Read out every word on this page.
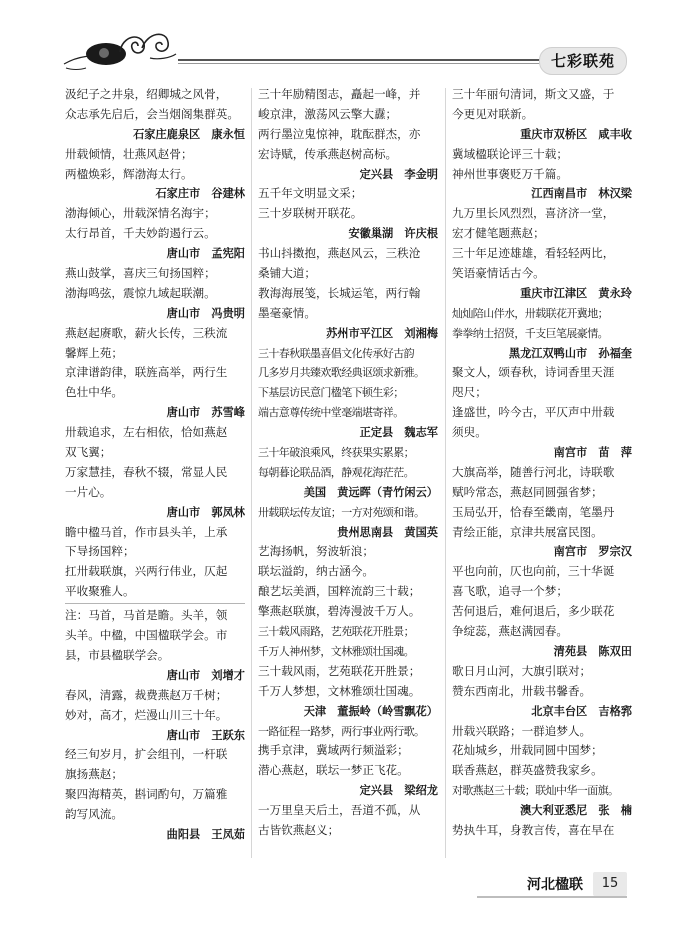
七彩联苑
汲纪子之井泉，绍卿城之风骨，
众志承先启后，会当烟阁集群英。
石家庄鹿泉区　康永恒
卅载倾情，壮燕风赵骨；
两楹焕彩，辉渤海太行。
石家庄市　谷建林
渤海倾心，卅载深情名海宇；
太行昂首，千夫妙韵遏行云。
唐山市　孟宪阳
燕山鼓掌，喜庆三旬扬国粹；
渤海鸣弦，震惊九域起联潮。
唐山市　冯贵明
燕赵起赓歌，薪火长传，三秩流
馨辉上苑；
京津谱韵律，联旌高举，两行生
色壮中华。
唐山市　苏雪峰
卅载追求，左右相依，恰如燕赵
双飞翼；
万家慧挂，春秋不辍，常显人民
一片心。
唐山市　郭凤林
瞻中楹马首，作市县头羊，上承
下导扬国粹；
扛卅载联旗，兴两行伟业，仄起
平收聚雅人。
注：马首，马首是瞻。头羊，领
头羊。中楹，中国楹联学会。市
县，市县楹联学会。
唐山市　刘增才
春风，清露，裁费燕赵万千树；
妙对，高才，烂漫山川三十年。
唐山市　王跃东
经三旬岁月，扩会组刊，一杆联
旗扬燕赵；
聚四海精英，斟词酌句，万篇雅
韵写风流。
曲阳县　王凤茹
三十年励精图志，矗起一峰，并
峻京津，激荡风云擎大纛；
两行墨泣鬼惊神，耽酝群杰，亦
宏诗赋，传承燕赵树高标。
定兴县　李金明
五千年文明显文采；
三十岁联树开联花。
安徽巢湖　许庆根
书山抖擞抱，燕赵风云，三秩沧
桑铺大道；
教海海展笺，长城运笔，两行翰
墨毫豪情。
苏州市平江区　刘湘梅
三十春秋联墨喜倡文化传承好古韵
几多岁月共臻欢歌经典讴颂求新雅。
下基层访民意门楹笔下顿生彩；
端古意尊传统中堂毫端堪寄祥。
正定县　魏志军
三十年破浪乘风，终获果实累累；
每朝暮论联品酒，静观花海茫茫。
美国　黄远晖（青竹闲云）
卅载联坛传友谊；一方对苑颂和谐。
贵州思南县　黄国英
艺海扬帆，努波斩浪；
联坛溢韵，纳古涵今。
酿艺坛美酒，国粹流韵三十载；
擎燕赵联旗，碧涛漫波千万人。
三十载风雨路，艺苑联花开胜景；
千万人神州梦，文林雅颂壮国魂。
三十载风雨，艺苑联花开胜景；
千万人梦想，文林雅颂壮国魂。
天津　董振岭（岭雪飘花）
一路征程一路梦，两行事业两行歌。
携手京津，冀域两行频溢彩；
潜心燕赵，联坛一梦正飞花。
定兴县　梁绍龙
一万里皇天后土，吾道不孤，从
古皆钦燕赵义；
三十年丽句清词，斯文又盛，于
今更见对联新。
重庆市双桥区　咸丰收
冀域楹联论评三十载；
神州世事褒贬万千篇。
江西南昌市　林汉梁
九万里长风烈烈，喜济济一堂，
宏才健笔题燕赵；
三十年足迹雄雄，看轻轻两比，
笑语豪情话古今。
重庆市江津区　黄永玲
灿灿陪山伴水，卅载联花开冀地；
拳拳纳士招贤，千支巨笔展豪情。
黑龙江双鸭山市　孙福奎
聚文人，颂春秋，诗词香里天涯
咫尺；
逢盛世，吟今古，平仄声中卅载
须臾。
南宫市　苗　萍
大旗高举，随善行河北，诗联歌
赋吟常态，燕赵同圆强省梦；
玉局弘开，恰春至畿南，笔墨丹
青绘正能，京津共展富民图。
南宫市　罗宗汉
平也向前，仄也向前，三十华诞
喜飞歌，追寻一个梦；
苦何退后，难何退后，多少联花
争绽蕊，燕赵满园春。
清苑县　陈双田
歌日月山河，大旗引联对；
赞东西南北，卅载书馨香。
北京丰台区　吉格郛
卅载兴联路；一群追梦人。
花灿城乡，卅载同圆中国梦；
联香燕赵，群英盛赞我家乡。
对歌燕赵三十载；联灿中华一面旗。
澳大利亚悉尼　张　楠
势执牛耳，身教言传，喜在早在
河北楹联	15
